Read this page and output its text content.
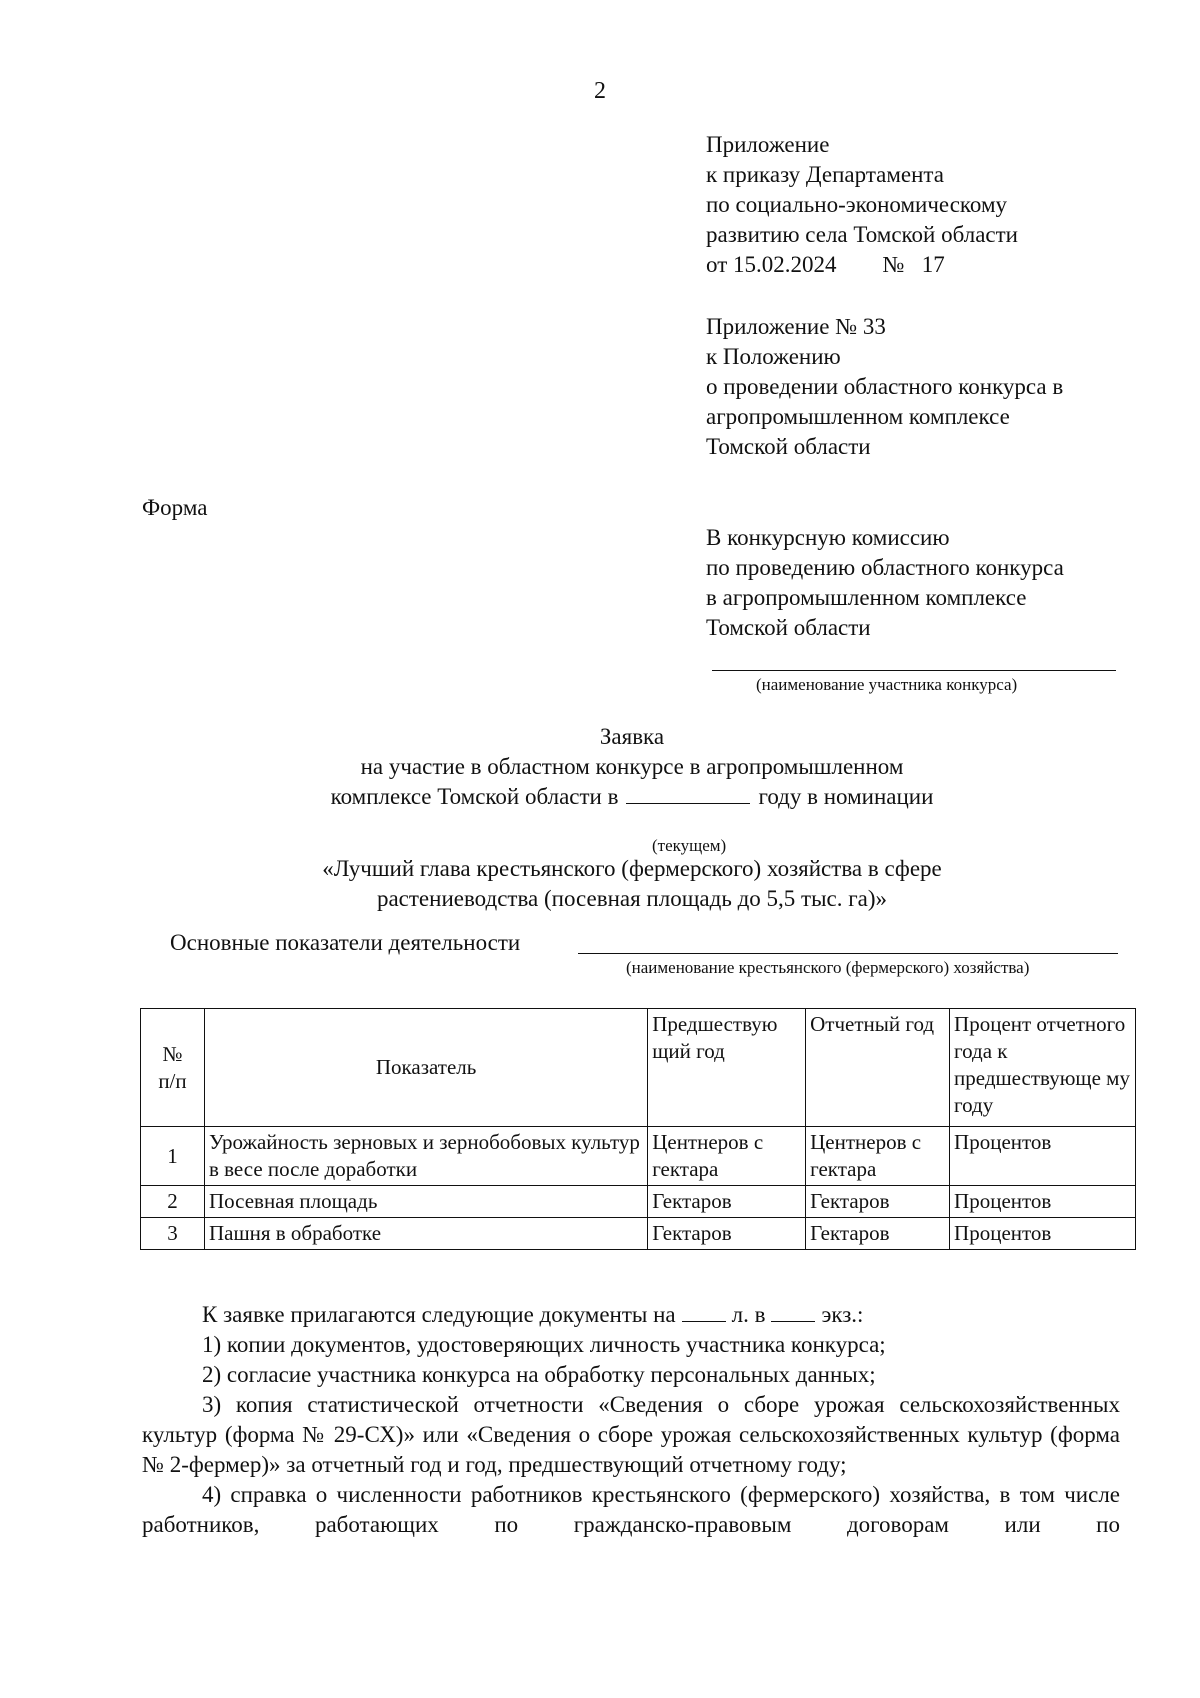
2
Приложение
к приказу Департамента
по социально-экономическому
развитию села Томской области
от 15.02.2024        №   17
Приложение № 33
к Положению
о проведении областного конкурса в
агропромышленном комплексе
Томской области
Форма
В конкурсную комиссию
по проведению областного конкурса
в агропромышленном комплексе
Томской области
(наименование участника конкурса)
Заявка
на участие в областном конкурсе в агропромышленном
комплексе Томской области в	году в номинации
(текущем)
«Лучший глава крестьянского (фермерского) хозяйства в сфере
растениеводства (посевная площадь до 5,5 тыс. га)»
Основные показатели деятельности
(наименование крестьянского (фермерского) хозяйства)
№ п/п	Показатель	Предшествую щий год	Отчетный год	Процент отчетного года к предшествующе му году
1	Урожайность зерновых и зернобобовых культур в весе после доработки	Центнеров с гектара	Центнеров с гектара	Процентов
2	Посевная площадь	Гектаров	Гектаров	Процентов
3	Пашня в обработке	Гектаров	Гектаров	Процентов
К заявке прилагаются следующие документы на л. в экз.:
1) копии документов, удостоверяющих личность участника конкурса;
2) согласие участника конкурса на обработку персональных данных;
3) копия статистической отчетности «Сведения о сборе урожая сельскохозяйственных культур (форма № 29-СХ)» или «Сведения о сборе урожая сельскохозяйственных культур (форма № 2-фермер)» за отчетный год и год, предшествующий отчетному году;
4) справка о численности работников крестьянского (фермерского) хозяйства, в том числе работников, работающих по гражданско-правовым договорам или по
